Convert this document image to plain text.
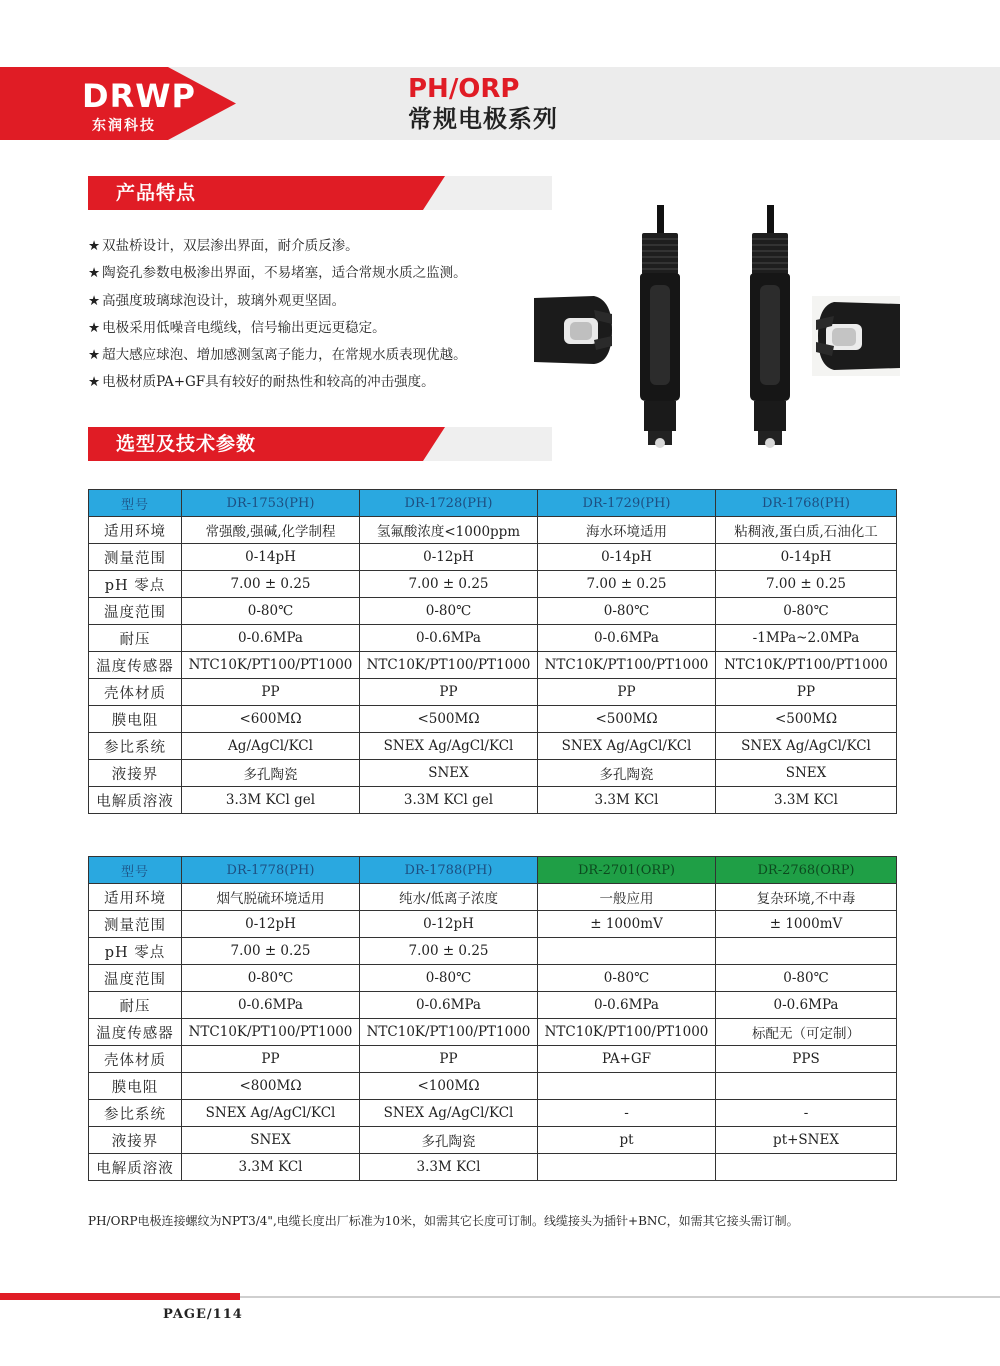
DRWP
东润科技
PH/ORP
常规电极系列
产品特点
★ 双盐桥设计，双层渗出界面，耐介质反渗。
★ 陶瓷孔参数电极渗出界面，不易堵塞，适合常规水质之监测。
★ 高强度玻璃球泡设计，玻璃外观更坚固。
★ 电极采用低噪音电缆线，信号输出更远更稳定。
★ 超大感应球泡、增加感测氢离子能力，在常规水质表现优越。
★ 电极材质PA+GF具有较好的耐热性和较高的冲击强度。
选型及技术参数
型号	DR-1753(PH)	DR-1728(PH)	DR-1729(PH)	DR-1768(PH)
适用环境	常强酸,强碱,化学制程	氢氟酸浓度<1000ppm	海水环境适用	粘稠液,蛋白质,石油化工
测量范围	0-14pH	0-12pH	0-14pH	0-14pH
pH 零点	7.00 ± 0.25	7.00 ± 0.25	7.00 ± 0.25	7.00 ± 0.25
温度范围	0-80℃	0-80℃	0-80℃	0-80℃
耐压	0-0.6MPa	0-0.6MPa	0-0.6MPa	-1MPa~2.0MPa
温度传感器	NTC10K/PT100/PT1000	NTC10K/PT100/PT1000	NTC10K/PT100/PT1000	NTC10K/PT100/PT1000
壳体材质	PP	PP	PP	PP
膜电阻	<600MΩ	<500MΩ	<500MΩ	<500MΩ
参比系统	Ag/AgCl/KCl	SNEX Ag/AgCl/KCl	SNEX Ag/AgCl/KCl	SNEX Ag/AgCl/KCl
液接界	多孔陶瓷	SNEX	多孔陶瓷	SNEX
电解质溶液	3.3M KCl gel	3.3M KCl gel	3.3M KCl	3.3M KCl
型号	DR-1778(PH)	DR-1788(PH)	DR-2701(ORP)	DR-2768(ORP)
适用环境	烟气脱硫环境适用	纯水/低离子浓度	一般应用	复杂环境,不中毒
测量范围	0-12pH	0-12pH	± 1000mV	± 1000mV
pH 零点	7.00 ± 0.25	7.00 ± 0.25		
温度范围	0-80℃	0-80℃	0-80℃	0-80℃
耐压	0-0.6MPa	0-0.6MPa	0-0.6MPa	0-0.6MPa
温度传感器	NTC10K/PT100/PT1000	NTC10K/PT100/PT1000	NTC10K/PT100/PT1000	标配无（可定制）
壳体材质	PP	PP	PA+GF	PPS
膜电阻	<800MΩ	<100MΩ		
参比系统	SNEX Ag/AgCl/KCl	SNEX Ag/AgCl/KCl	-	-
液接界	SNEX	多孔陶瓷	pt	pt+SNEX
电解质溶液	3.3M KCl	3.3M KCl		
PH/ORP电极连接螺纹为NPT3/4",电缆长度出厂标准为10米，如需其它长度可订制。线缆接头为插针+BNC，如需其它接头需订制。
PAGE/114
